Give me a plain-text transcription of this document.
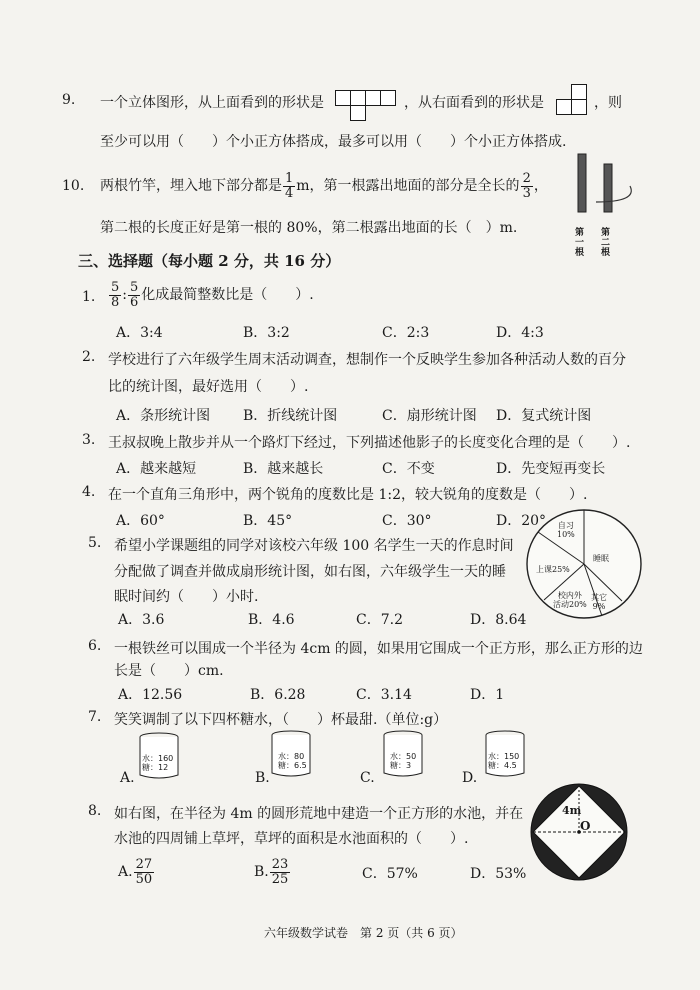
9. 一个立体图形，从上面看到的形状是	，从右面看到的形状是	，则
至少可以用（　　）个小正方体搭成，最多可以用（　　）个小正方体搭成.
10. 两根竹竿，埋入地下部分都是 $\frac{1}{4}$ m，第一根露出地面的部分是全长的 $\frac{2}{3}$ ，
第二根的长度正好是第一根的 80%，第二根露出地面的长（　）m.	第一根
第二根
三、选择题（每小题 2 分，共 16 分）
1. $\frac{5}{8}$ : $\frac{5}{6}$ 化成最简整数比是（　　）.
A．3:4	B．3:2	C．2:3	D．4:3
2. 学校进行了六年级学生周末活动调查，想制作一个反映学生参加各种活动人数的百分
比的统计图，最好选用（　　）.
A．条形统计图 B．折线统计图	C．扇形统计图 D．复式统计图
3. 王叔叔晚上散步并从一个路灯下经过，下列描述他影子的长度变化合理的是（　　）.
A．越来越短	B．越来越长	C．不变	D．先变短再变长
4. 在一个直角三角形中，两个锐角的度数比是 1:2，较大锐角的度数是（　　）.
A．60°	B．45°	C．30°	D．20°
5. 希望小学课题组的同学对该校六年级 100 名学生一天的作息时间
分配做了调查并做成扇形统计图，如右图，六年级学生一天的睡
眠时间约（　　）小时.
A．3.6	B．4.6	C．7.2	D．8.64
自习
10%
睡眠
上课25%
校内外
活动20%
其它
9%
6. 一根铁丝可以围成一个半径为 4cm 的圆，如果用它围成一个正方形，那么正方形的边
长是（　　）cm.
A．12.56	B．6.28	C．3.14	D．1
7. 笑笑调制了以下四杯糖水，（　　）杯最甜.（单位:g）
A.	B.	C.	D.
水：160
糖：12
水：80
糖：6.5
水：50
糖：3
水：150
糖：4.5
8. 如右图，在半径为 4m 的圆形荒地中建造一个正方形的水池，并在
水池的四周铺上草坪，草坪的面积是水池面积的（　　）.
A. $\frac{27}{50}$	B. $\frac{23}{25}$	C．57%	D．53%
4m
O
六年级数学试卷　第 2 页（共 6 页）
